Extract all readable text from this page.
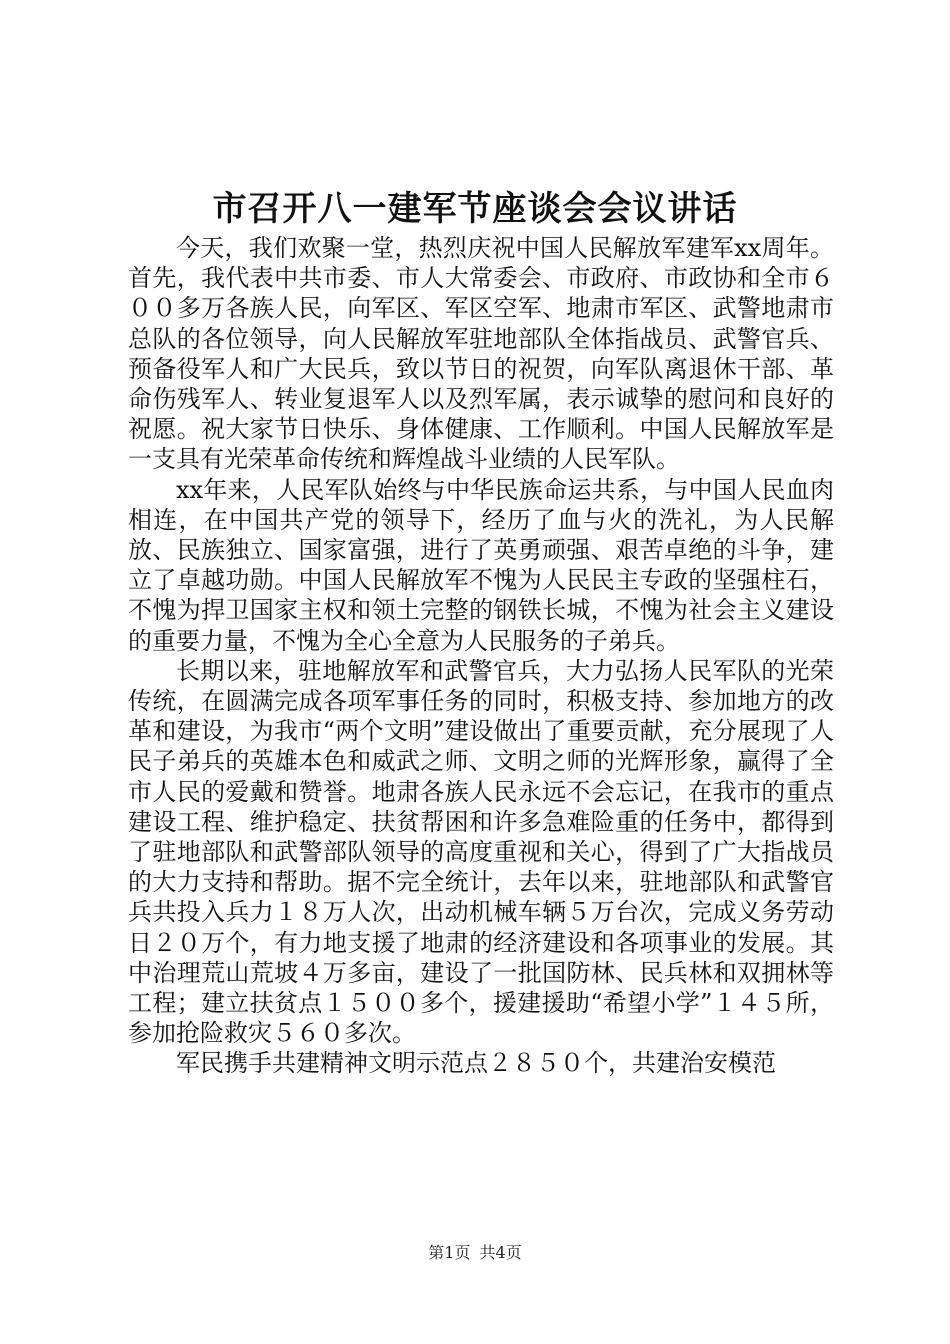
市召开八一建军节座谈会会议讲话

今天，我们欢聚一堂，热烈庆祝中国人民解放军建军xx周年。首先，我代表中共市委、市人大常委会、市政府、市政协和全市６００多万各族人民，向军区、军区空军、地肃市军区、武警地肃市总队的各位领导，向人民解放军驻地部队全体指战员、武警官兵、预备役军人和广大民兵，致以节日的祝贺，向军队离退休干部、革命伤残军人、转业复退军人以及烈军属，表示诚挚的慰问和良好的祝愿。祝大家节日快乐、身体健康、工作顺利。中国人民解放军是一支具有光荣革命传统和辉煌战斗业绩的人民军队。

xx年来，人民军队始终与中华民族命运共系，与中国人民血肉相连，在中国共产党的领导下，经历了血与火的洗礼，为人民解放、民族独立、国家富强，进行了英勇顽强、艰苦卓绝的斗争，建立了卓越功勋。中国人民解放军不愧为人民民主专政的坚强柱石，不愧为捍卫国家主权和领土完整的钢铁长城，不愧为社会主义建设的重要力量，不愧为全心全意为人民服务的子弟兵。

长期以来，驻地解放军和武警官兵，大力弘扬人民军队的光荣传统，在圆满完成各项军事任务的同时，积极支持、参加地方的改革和建设，为我市“两个文明”建设做出了重要贡献，充分展现了人民子弟兵的英雄本色和威武之师、文明之师的光辉形象，赢得了全市人民的爱戴和赞誉。地肃各族人民永远不会忘记，在我市的重点建设工程、维护稳定、扶贫帮困和许多急难险重的任务中，都得到了驻地部队和武警部队领导的高度重视和关心，得到了广大指战员的大力支持和帮助。据不完全统计，去年以来，驻地部队和武警官兵共投入兵力１８万人次，出动机械车辆５万台次，完成义务劳动日２０万个，有力地支援了地肃的经济建设和各项事业的发展。其中治理荒山荒坡４万多亩，建设了一批国防林、民兵林和双拥林等工程；建立扶贫点１５００多个，援建援助“希望小学”１４５所，参加抢险救灾５６０多次。

军民携手共建精神文明示范点２８５０个，共建治安模范

第1页 共4页
